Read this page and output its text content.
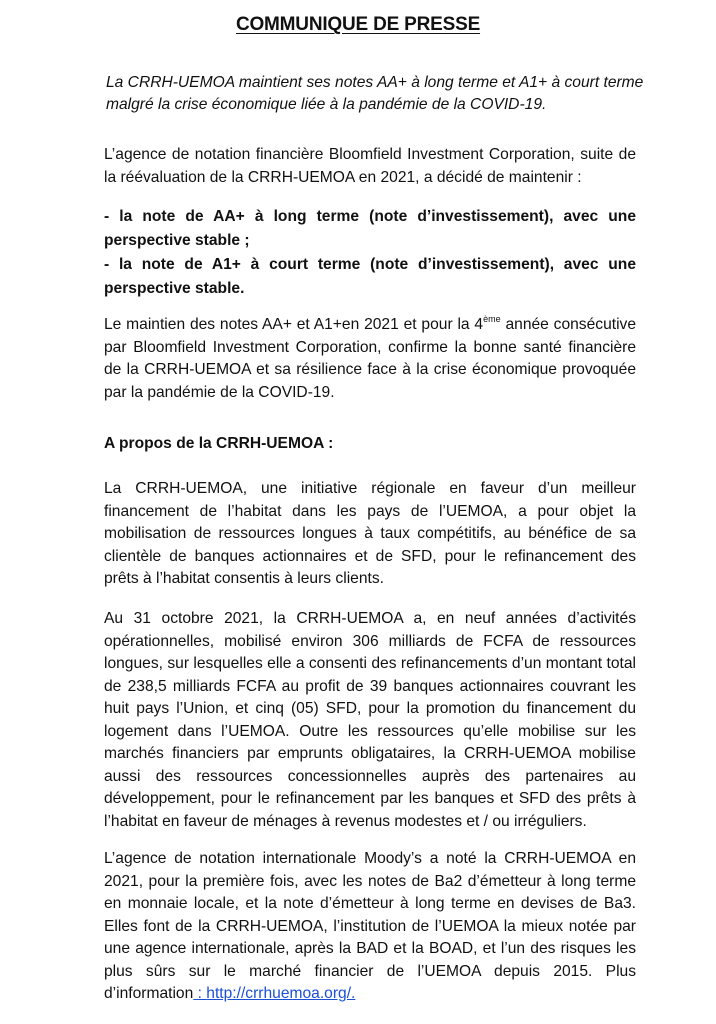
COMMUNIQUE DE PRESSE
La CRRH-UEMOA maintient ses notes AA+ à long terme et A1+ à court terme malgré la crise économique liée à la pandémie de la COVID-19.
L’agence de notation financière Bloomfield Investment Corporation, suite de la réévaluation de la CRRH-UEMOA en 2021, a décidé de maintenir :
- la note de AA+ à long terme (note d’investissement), avec une perspective stable ;
- la note de A1+ à court terme (note d’investissement), avec une perspective stable.
Le maintien des notes AA+ et A1+en 2021 et pour la 4ème année consécutive par Bloomfield Investment Corporation, confirme la bonne santé financière de la CRRH-UEMOA et sa résilience face à la crise économique provoquée par la pandémie de la COVID-19.
A propos de la CRRH-UEMOA :
La CRRH-UEMOA, une initiative régionale en faveur d’un meilleur financement de l’habitat dans les pays de l’UEMOA, a pour objet la mobilisation de ressources longues à taux compétitifs, au bénéfice de sa clientèle de banques actionnaires et de SFD, pour le refinancement des prêts à l’habitat consentis à leurs clients.
Au 31 octobre 2021, la CRRH-UEMOA a, en neuf années d’activités opérationnelles, mobilisé environ 306 milliards de FCFA de ressources longues, sur lesquelles elle a consenti des refinancements d’un montant total de 238,5 milliards FCFA au profit de 39 banques actionnaires couvrant les huit pays l’Union, et cinq (05) SFD, pour la promotion du financement du logement dans l’UEMOA. Outre les ressources qu’elle mobilise sur les marchés financiers par emprunts obligataires, la CRRH-UEMOA mobilise aussi des ressources concessionnelles auprès des partenaires au développement, pour le refinancement par les banques et SFD des prêts à l’habitat en faveur de ménages à revenus modestes et / ou irréguliers.
L’agence de notation internationale Moody’s a noté la CRRH-UEMOA en 2021, pour la première fois, avec les notes de Ba2 d’émetteur à long terme en monnaie locale, et la note d’émetteur à long terme en devises de Ba3. Elles font de la CRRH-UEMOA, l’institution de l’UEMOA la mieux notée par une agence internationale, après la BAD et la BOAD, et l’un des risques les plus sûrs sur le marché financier de l’UEMOA depuis 2015. Plus d’information : http://crrhuemoa.org/.
